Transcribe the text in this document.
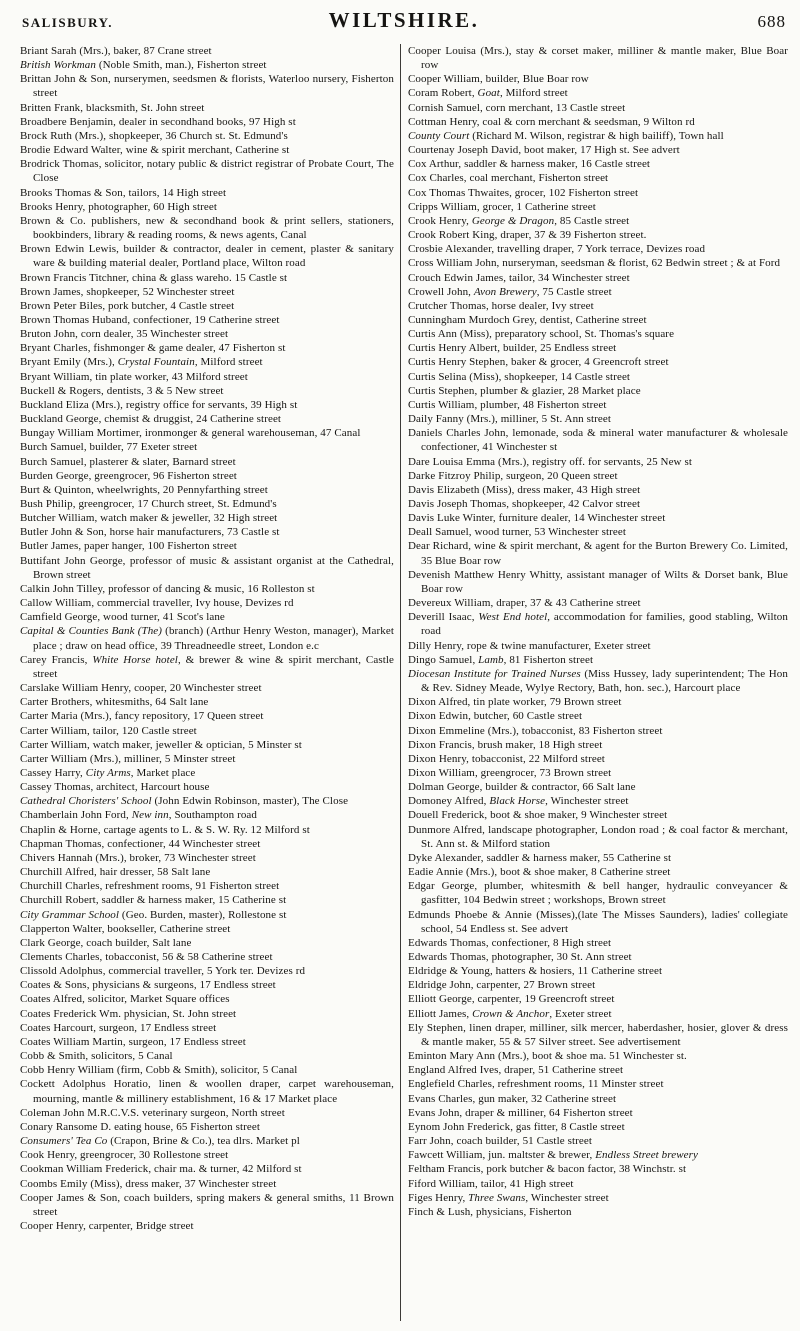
SALISBURY.	WILTSHIRE.	688

Briant Sarah (Mrs.), baker, 87 Crane street

British Workman (Noble Smith, man.), Fisherton street

Brittan John & Son, nurserymen, seedsmen & florists, Waterloo nursery, Fisherton street

Britten Frank, blacksmith, St. John street

Broadbere Benjamin, dealer in secondhand books, 97 High st

Brock Ruth (Mrs.), shopkeeper, 36 Church st. St. Edmund's

Brodie Edward Walter, wine & spirit merchant, Catherine st

Brodrick Thomas, solicitor, notary public & district registrar of Probate Court, The Close

Brooks Thomas & Son, tailors, 14 High street

Brooks Henry, photographer, 60 High street

Brown & Co. publishers, new & secondhand book & print sellers, stationers, bookbinders, library & reading rooms, & news agents, Canal

Brown Edwin Lewis, builder & contractor, dealer in cement, plaster & sanitary ware & building material dealer, Portland place, Wilton road

Brown Francis Titchner, china & glass wareho. 15 Castle st

Brown James, shopkeeper, 52 Winchester street

Brown Peter Biles, pork butcher, 4 Castle street

Brown Thomas Huband, confectioner, 19 Catherine street

Bruton John, corn dealer, 35 Winchester street

Bryant Charles, fishmonger & game dealer, 47 Fisherton st

Bryant Emily (Mrs.), Crystal Fountain, Milford street

Bryant William, tin plate worker, 43 Milford street

Buckell & Rogers, dentists, 3 & 5 New street

Buckland Eliza (Mrs.), registry office for servants, 39 High st

Buckland George, chemist & druggist, 24 Catherine street

Bungay William Mortimer, ironmonger & general warehouseman, 47 Canal

Burch Samuel, builder, 77 Exeter street

Burch Samuel, plasterer & slater, Barnard street

Burden George, greengrocer, 96 Fisherton street

Burt & Quinton, wheelwrights, 20 Pennyfarthing street

Bush Philip, greengrocer, 17 Church street, St. Edmund's

Butcher William, watch maker & jeweller, 32 High street

Butler John & Son, horse hair manufacturers, 73 Castle st

Butler James, paper hanger, 100 Fisherton street

Buttifant John George, professor of music & assistant organist at the Cathedral, Brown street

Calkin John Tilley, professor of dancing & music, 16 Rolleston st

Callow William, commercial traveller, Ivy house, Devizes rd

Camfield George, wood turner, 41 Scot's lane

Capital & Counties Bank (The) (branch) (Arthur Henry Weston, manager), Market place ; draw on head office, 39 Threadneedle street, London e.c

Carey Francis, White Horse hotel, & brewer & wine & spirit merchant, Castle street

Carslake William Henry, cooper, 20 Winchester street

Carter Brothers, whitesmiths, 64 Salt lane

Carter Maria (Mrs.), fancy repository, 17 Queen street

Carter William, tailor, 120 Castle street

Carter William, watch maker, jeweller & optician, 5 Minster st

Carter William (Mrs.), milliner, 5 Minster street

Cassey Harry, City Arms, Market place

Cassey Thomas, architect, Harcourt house

Cathedral Choristers' School (John Edwin Robinson, master), The Close

Chamberlain John Ford, New inn, Southampton road

Chaplin & Horne, cartage agents to L. & S. W. Ry. 12 Milford st

Chapman Thomas, confectioner, 44 Winchester street

Chivers Hannah (Mrs.), broker, 73 Winchester street

Churchill Alfred, hair dresser, 58 Salt lane

Churchill Charles, refreshment rooms, 91 Fisherton street

Churchill Robert, saddler & harness maker, 15 Catherine st

City Grammar School (Geo. Burden, master), Rollestone st

Clapperton Walter, bookseller, Catherine street

Clark George, coach builder, Salt lane

Clements Charles, tobacconist, 56 & 58 Catherine street

Clissold Adolphus, commercial traveller, 5 York ter. Devizes rd

Coates & Sons, physicians & surgeons, 17 Endless street

Coates Alfred, solicitor, Market Square offices

Coates Frederick Wm. physician, St. John street

Coates Harcourt, surgeon, 17 Endless street

Coates William Martin, surgeon, 17 Endless street

Cobb & Smith, solicitors, 5 Canal

Cobb Henry William (firm, Cobb & Smith), solicitor, 5 Canal

Cockett Adolphus Horatio, linen & woollen draper, carpet warehouseman, mourning, mantle & millinery establishment, 16 & 17 Market place

Coleman John M.R.C.V.S. veterinary surgeon, North street

Conary Ransome D. eating house, 65 Fisherton street

Consumers' Tea Co (Crapon, Brine & Co.), tea dlrs. Market pl

Cook Henry, greengrocer, 30 Rollestone street

Cookman William Frederick, chair ma. & turner, 42 Milford st

Coombs Emily (Miss), dress maker, 37 Winchester street

Cooper James & Son, coach builders, spring makers & general smiths, 11 Brown street

Cooper Henry, carpenter, Bridge street

Cooper Louisa (Mrs.), stay & corset maker, milliner & mantle maker, Blue Boar row

Cooper William, builder, Blue Boar row

Coram Robert, Goat, Milford street

Cornish Samuel, corn merchant, 13 Castle street

Cottman Henry, coal & corn merchant & seedsman, 9 Wilton rd

County Court (Richard M. Wilson, registrar & high bailiff), Town hall

Courtenay Joseph David, boot maker, 17 High st. See advert

Cox Arthur, saddler & harness maker, 16 Castle street

Cox Charles, coal merchant, Fisherton street

Cox Thomas Thwaites, grocer, 102 Fisherton street

Cripps William, grocer, 1 Catherine street

Crook Henry, George & Dragon, 85 Castle street

Crook Robert King, draper, 37 & 39 Fisherton street.

Crosbie Alexander, travelling draper, 7 York terrace, Devizes road

Cross William John, nurseryman, seedsman & florist, 62 Bedwin street ; & at Ford

Crouch Edwin James, tailor, 34 Winchester street

Crowell John, Avon Brewery, 75 Castle street

Crutcher Thomas, horse dealer, Ivy street

Cunningham Murdoch Grey, dentist, Catherine street

Curtis Ann (Miss), preparatory school, St. Thomas's square

Curtis Henry Albert, builder, 25 Endless street

Curtis Henry Stephen, baker & grocer, 4 Greencroft street

Curtis Selina (Miss), shopkeeper, 14 Castle street

Curtis Stephen, plumber & glazier, 28 Market place

Curtis William, plumber, 48 Fisherton street

Daily Fanny (Mrs.), milliner, 5 St. Ann street

Daniels Charles John, lemonade, soda & mineral water manufacturer & wholesale confectioner, 41 Winchester st

Dare Louisa Emma (Mrs.), registry off. for servants, 25 New st

Darke Fitzroy Philip, surgeon, 20 Queen street

Davis Elizabeth (Miss), dress maker, 43 High street

Davis Joseph Thomas, shopkeeper, 42 Calvor street

Davis Luke Winter, furniture dealer, 14 Winchester street

Deall Samuel, wood turner, 53 Winchester street

Dear Richard, wine & spirit merchant, & agent for the Burton Brewery Co. Limited, 35 Blue Boar row

Devenish Matthew Henry Whitty, assistant manager of Wilts & Dorset bank, Blue Boar row

Devereux William, draper, 37 & 43 Catherine street

Deverill Isaac, West End hotel, accommodation for families, good stabling, Wilton road

Dilly Henry, rope & twine manufacturer, Exeter street

Dingo Samuel, Lamb, 81 Fisherton street

Diocesan Institute for Trained Nurses (Miss Hussey, lady superintendent; The Hon & Rev. Sidney Meade, Wylye Rectory, Bath, hon. sec.), Harcourt place

Dixon Alfred, tin plate worker, 79 Brown street

Dixon Edwin, butcher, 60 Castle street

Dixon Emmeline (Mrs.), tobacconist, 83 Fisherton street

Dixon Francis, brush maker, 18 High street

Dixon Henry, tobacconist, 22 Milford street

Dixon William, greengrocer, 73 Brown street

Dolman George, builder & contractor, 66 Salt lane

Domoney Alfred, Black Horse, Winchester street

Douell Frederick, boot & shoe maker, 9 Winchester street

Dunmore Alfred, landscape photographer, London road ; & coal factor & merchant, St. Ann st. & Milford station

Dyke Alexander, saddler & harness maker, 55 Catherine st

Eadie Annie (Mrs.), boot & shoe maker, 8 Catherine street

Edgar George, plumber, whitesmith & bell hanger, hydraulic conveyancer & gasfitter, 104 Bedwin street ; workshops, Brown street

Edmunds Phoebe & Annie (Misses),(late The Misses Saunders), ladies' collegiate school, 54 Endless st. See advert

Edwards Thomas, confectioner, 8 High street

Edwards Thomas, photographer, 30 St. Ann street

Eldridge & Young, hatters & hosiers, 11 Catherine street

Eldridge John, carpenter, 27 Brown street

Elliott George, carpenter, 19 Greencroft street

Elliott James, Crown & Anchor, Exeter street

Ely Stephen, linen draper, milliner, silk mercer, haberdasher, hosier, glover & dress & mantle maker, 55 & 57 Silver street. See advertisement

Eminton Mary Ann (Mrs.), boot & shoe ma. 51 Winchester st.

England Alfred Ives, draper, 51 Catherine street

Englefield Charles, refreshment rooms, 11 Minster street

Evans Charles, gun maker, 32 Catherine street

Evans John, draper & milliner, 64 Fisherton street

Eynom John Frederick, gas fitter, 8 Castle street

Farr John, coach builder, 51 Castle street

Fawcett William, jun. maltster & brewer, Endless Street brewery

Feltham Francis, pork butcher & bacon factor, 38 Winchstr. st

Fiford William, tailor, 41 High street

Figes Henry, Three Swans, Winchester street

Finch & Lush, physicians, Fisherton
